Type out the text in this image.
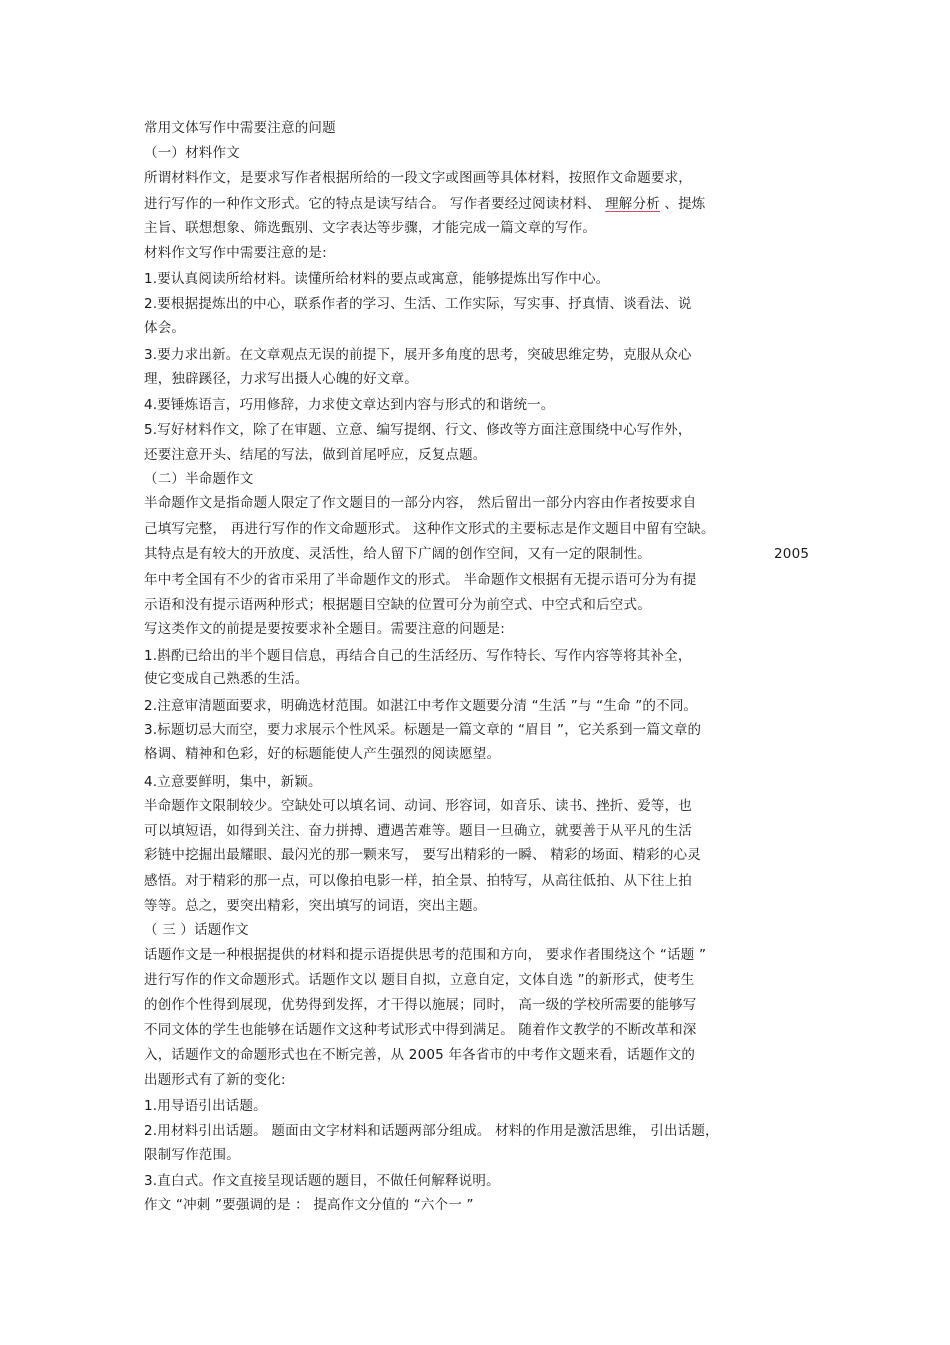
常用文体写作中需要注意的问题
（一）材料作文
所谓材料作文，是要求写作者根据所给的一段文字或图画等具体材料，按照作文命题要求，
进行写作的一种作文形式。它的特点是读写结合。 写作者要经过阅读材料、 理解分析 、提炼
主旨、联想想象、筛选甄别、文字表达等步骤，才能完成一篇文章的写作。
材料作文写作中需要注意的是:
1.要认真阅读所给材料。读懂所给材料的要点或寓意，能够提炼出写作中心。
2.要根据提炼出的中心，联系作者的学习、生活、工作实际，写实事、抒真情、谈看法、说
体会。
3.要力求出新。在文章观点无误的前提下，展开多角度的思考，突破思维定势，克服从众心
理，独辟蹊径，力求写出摄人心魄的好文章。
4.要锤炼语言，巧用修辞，力求使文章达到内容与形式的和谐统一。
5.写好材料作文，除了在审题、立意、编写提纲、行文、修改等方面注意围绕中心写作外，
还要注意开头、结尾的写法，做到首尾呼应，反复点题。
（二）半命题作文
半命题作文是指命题人限定了作文题目的一部分内容， 然后留出一部分内容由作者按要求自
己填写完整， 再进行写作的作文命题形式。 这种作文形式的主要标志是作文题目中留有空缺。
其特点是有较大的开放度、灵活性，给人留下广阔的创作空间，又有一定的限制性。	2005
年中考全国有不少的省市采用了半命题作文的形式。 半命题作文根据有无提示语可分为有提
示语和没有提示语两种形式；根据题目空缺的位置可分为前空式、中空式和后空式。
写这类作文的前提是要按要求补全题目。需要注意的问题是:
1.斟酌已给出的半个题目信息，再结合自己的生活经历、写作特长、写作内容等将其补全，
使它变成自己熟悉的生活。
2.注意审清题面要求，明确选材范围。如湛江中考作文题要分清 “生活 ”与 “生命 ”的不同。
3.标题切忌大而空，要力求展示个性风采。标题是一篇文章的 “眉目 ”，它关系到一篇文章的
格调、精神和色彩，好的标题能使人产生强烈的阅读愿望。
4.立意要鲜明，集中，新颖。
半命题作文限制较少。空缺处可以填名词、动词、形容词，如音乐、读书、挫折、爱等，也
可以填短语，如得到关注、奋力拼搏、遭遇苦难等。题目一旦确立，就要善于从平凡的生活
彩链中挖掘出最耀眼、最闪光的那一颗来写， 要写出精彩的一瞬、 精彩的场面、精彩的心灵
感悟。对于精彩的那一点，可以像拍电影一样，拍全景、拍特写，从高往低拍、从下往上拍
等等。总之，要突出精彩，突出填写的词语，突出主题。
（ 三 ）话题作文
话题作文是一种根据提供的材料和提示语提供思考的范围和方向， 要求作者围绕这个 “话题 ”
进行写作的作文命题形式。话题作文以 题目自拟，立意自定，文体自选 ”的新形式，使考生
的创作个性得到展现，优势得到发挥，才干得以施展；同时， 高一级的学校所需要的能够写
不同文体的学生也能够在话题作文这种考试形式中得到满足。 随着作文教学的不断改革和深
入，话题作文的命题形式也在不断完善，从 2005 年各省市的中考作文题来看，话题作文的
出题形式有了新的变化:
1.用导语引出话题。
2.用材料引出话题。 题面由文字材料和话题两部分组成。 材料的作用是激活思维， 引出话题，
限制写作范围。
3.直白式。作文直接呈现话题的题目，不做任何解释说明。
作文 “冲刺 ”要强调的是 ： 提高作文分值的 “六个一 ”
